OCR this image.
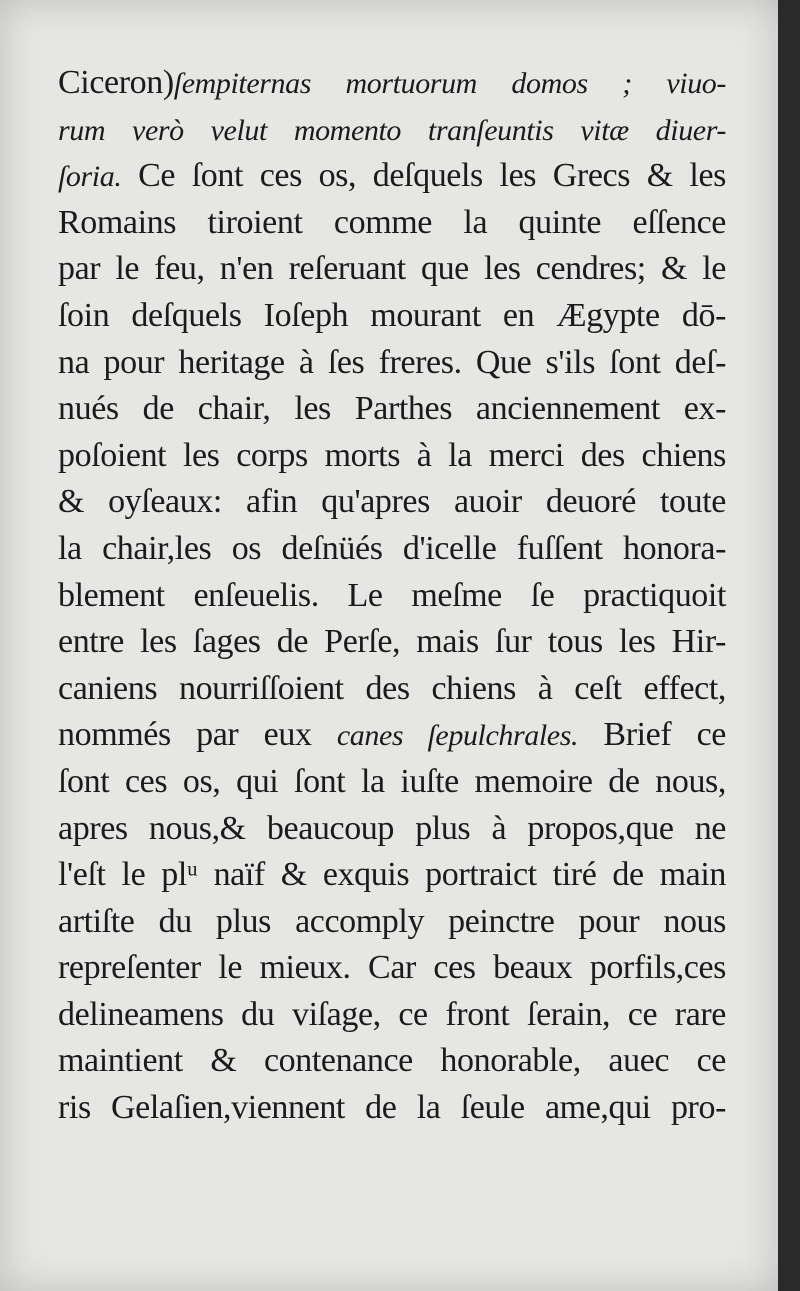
Ciceron)ſempiternas mortuorum domos ; viuo-
rum verò velut momento tranſeuntis vitæ diuer-
ſoria. Ce ſont ces os, deſquels les Grecs & les
Romains tiroient comme la quinte eſſence
par le feu, n'en reſeruant que les cendres; & le
ſoin deſquels Ioſeph mourant en Ægypte dō-
na pour heritage à ſes freres. Que s'ils ſont deſ-
nués de chair, les Parthes anciennement ex-
poſoient les corps morts à la merci des chiens
& oyſeaux: afin qu'apres auoir deuoré toute
la chair,les os deſnüés d'icelle fuſſent honora-
blement enſeuelis. Le meſme ſe practiquoit
entre les ſages de Perſe, mais ſur tous les Hir-
caniens nourriſſoient des chiens à ceſt effect,
nommés par eux canes ſepulchrales. Brief ce
ſont ces os, qui ſont la iuſte memoire de nous,
apres nous,& beaucoup plus à propos,que ne
l'eſt le plᵘ naïf & exquis portraict tiré de main
artiſte du plus accomply peinctre pour nous
repreſenter le mieux. Car ces beaux porfils,ces
delineamens du viſage, ce front ſerain, ce rare
maintient & contenance honorable, auec ce
ris Gelaſien,viennent de la ſeule ame,qui pro-
